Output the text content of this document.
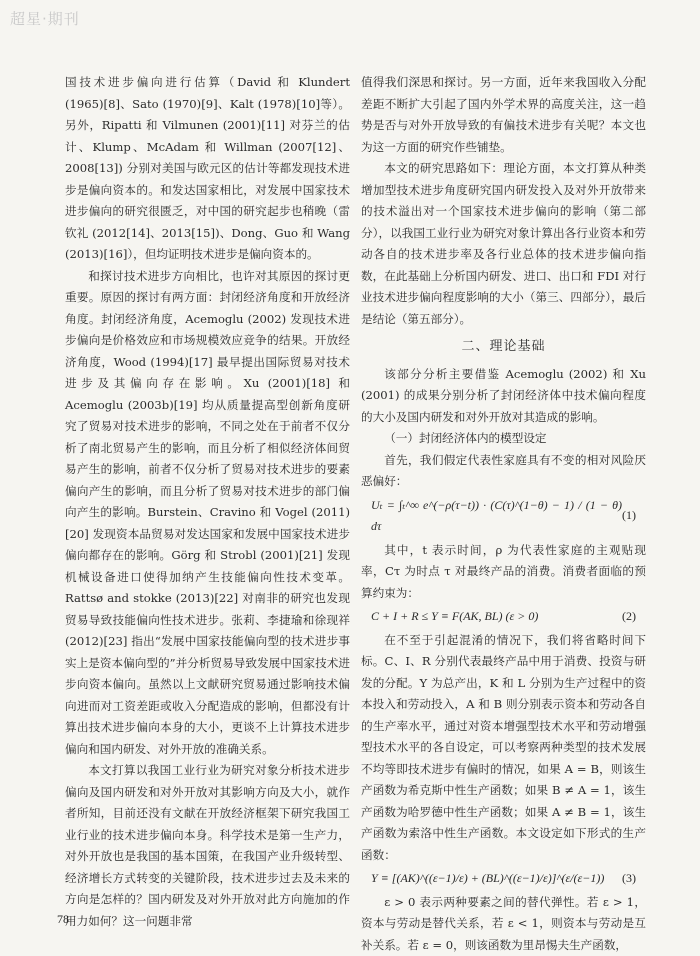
超星·期刊

国技术进步偏向进行估算（David 和 Klundert (1965)[8]、Sato (1970)[9]、Kalt (1978)[10]等）。另外，Ripatti 和 Vilmunen (2001)[11] 对芬兰的估计、Klump、McAdam 和 Willman (2007[12]、2008[13]) 分别对美国与欧元区的估计等都发现技术进步是偏向资本的。和发达国家相比，对发展中国家技术进步偏向的研究很匮乏，对中国的研究起步也稍晚（雷钦礼 (2012[14]、2013[15])、Dong、Guo 和 Wang (2013)[16]），但均证明技术进步是偏向资本的。

和探讨技术进步方向相比，也许对其原因的探讨更重要。原因的探讨有两方面：封闭经济角度和开放经济角度。封闭经济角度，Acemoglu (2002) 发现技术进步偏向是价格效应和市场规模效应竞争的结果。开放经济角度，Wood (1994)[17] 最早提出国际贸易对技术进步及其偏向存在影响。Xu (2001)[18] 和 Acemoglu (2003b)[19] 均从质量提高型创新角度研究了贸易对技术进步的影响，不同之处在于前者不仅分析了南北贸易产生的影响，而且分析了相似经济体间贸易产生的影响，前者不仅分析了贸易对技术进步的要素偏向产生的影响，而且分析了贸易对技术进步的部门偏向产生的影响。Burstein、Cravino 和 Vogel (2011)[20] 发现资本品贸易对发达国家和发展中国家技术进步偏向都存在的影响。Görg 和 Strobl (2001)[21] 发现机械设备进口使得加纳产生技能偏向性技术变革。Rattsø and stokke (2013)[22] 对南非的研究也发现贸易导致技能偏向性技术进步。张莉、李捷瑜和徐现祥 (2012)[23] 指出“发展中国家技能偏向型的技术进步事实上是资本偏向型的”并分析贸易导致发展中国家技术进步向资本偏向。虽然以上文献研究贸易通过影响技术偏向进而对工资差距或收入分配造成的影响，但都没有计算出技术进步偏向本身的大小，更谈不上计算技术进步偏向和国内研发、对外开放的准确关系。

本文打算以我国工业行业为研究对象分析技术进步偏向及国内研发和对外开放对其影响方向及大小，就作者所知，目前还没有文献在开放经济框架下研究我国工业行业的技术进步偏向本身。科学技术是第一生产力，对外开放也是我国的基本国策，在我国产业升级转型、经济增长方式转变的关键阶段，技术进步过去及未来的方向是怎样的？国内研发及对外开放对此方向施加的作用力如何？这一问题非常

值得我们深思和探讨。另一方面，近年来我国收入分配差距不断扩大引起了国内外学术界的高度关注，这一趋势是否与对外开放导致的有偏技术进步有关呢？本文也为这一方面的研究作些铺垫。

本文的研究思路如下：理论方面，本文打算从种类增加型技术进步角度研究国内研发投入及对外开放带来的技术溢出对一个国家技术进步偏向的影响（第二部分），以我国工业行业为研究对象计算出各行业资本和劳动各自的技术进步率及各行业总体的技术进步偏向指数，在此基础上分析国内研发、进口、出口和 FDI 对行业技术进步偏向程度影响的大小（第三、四部分），最后是结论（第五部分）。

二、理论基础

该部分分析主要借鉴 Acemoglu (2002) 和 Xu (2001) 的成果分别分析了封闭经济体中技术偏向程度的大小及国内研发和对外开放对其造成的影响。

（一）封闭经济体内的模型设定

首先，我们假定代表性家庭具有不变的相对风险厌恶偏好：

Uₜ = ∫ₜ^∞ e^(−ρ(τ−t)) · (C(τ)^(1−θ) − 1) / (1 − θ) dτ
(1)

其中，t 表示时间，ρ 为代表性家庭的主观贴现率，Cτ 为时点 τ 对最终产品的消费。消费者面临的预算约束为：

C + I + R ≤ Y ≡ F(AK, BL) (ε > 0)	(2)

在不至于引起混淆的情况下，我们将省略时间下标。C、I、R 分别代表最终产品中用于消费、投资与研发的分配。Y 为总产出，K 和 L 分别为生产过程中的资本投入和劳动投入，A 和 B 则分别表示资本和劳动各自的生产率水平，通过对资本增强型技术水平和劳动增强型技术水平的各自设定，可以考察两种类型的技术发展不均等即技术进步有偏时的情况，如果 A = B，则该生产函数为希克斯中性生产函数；如果 B ≠ A = 1，该生产函数为哈罗德中性生产函数；如果 A ≠ B = 1，该生产函数为索洛中性生产函数。本文设定如下形式的生产函数：

Y ≡ [(AK)^((ε−1)/ε) + (BL)^((ε−1)/ε)]^(ε/(ε−1)) (3)

ε > 0 表示两种要素之间的替代弹性。若 ε > 1，资本与劳动是替代关系，若 ε < 1，则资本与劳动是互补关系。若 ε = 0，则该函数为里昂惕夫生产函数，

78
